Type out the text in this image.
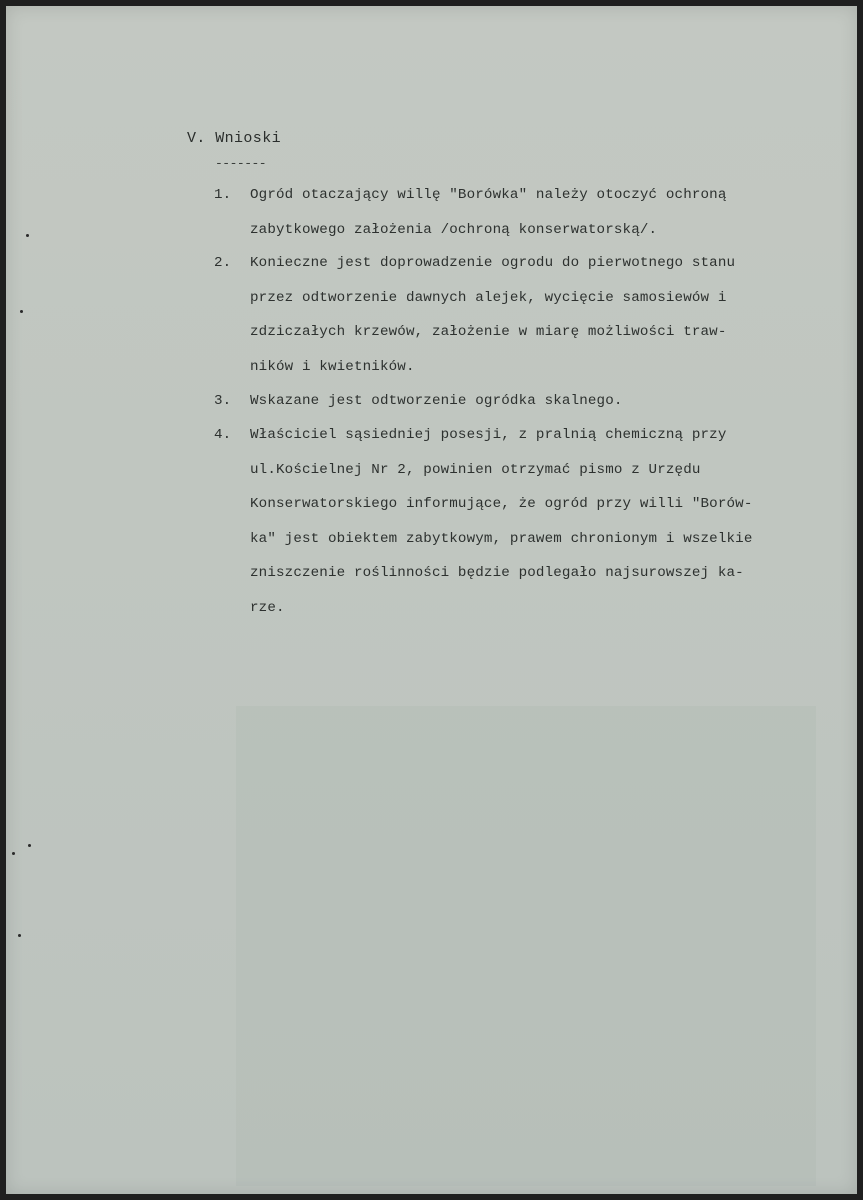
V. Wnioski
-------
1.	Ogród otaczający willę "Borówka" należy otoczyć ochroną
zabytkowego założenia /ochroną konserwatorską/.
2.	Konieczne jest doprowadzenie ogrodu do pierwotnego stanu
przez odtworzenie dawnych alejek, wycięcie samosiewów i
zdziczałych krzewów, założenie w miarę możliwości traw-
ników i kwietników.
3.	Wskazane jest odtworzenie ogródka skalnego.
4.	Właściciel sąsiedniej posesji, z pralnią chemiczną przy
ul.Kościelnej Nr 2, powinien otrzymać pismo z Urzędu
Konserwatorskiego informujące, że ogród przy willi "Borów-
ka" jest obiektem zabytkowym, prawem chronionym i wszelkie
zniszczenie roślinności będzie podlegało najsurowszej ka-
rze.
